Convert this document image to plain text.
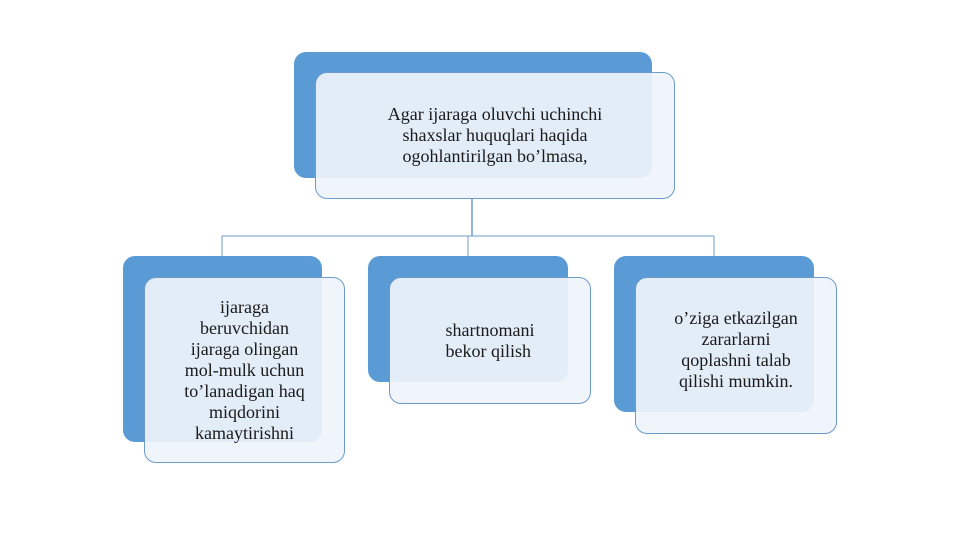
Agar ijaraga oluvchi uchinchi
shaxslar huquqlari haqida
ogohlantirilgan bo’lmasa,
ijaraga
beruvchidan
ijaraga olingan
mol-mulk uchun
to’lanadigan haq
miqdorini
kamaytirishni
shartnomani
bekor qilish
o’ziga etkazilgan
zararlarni
qoplashni talab
qilishi mumkin.
